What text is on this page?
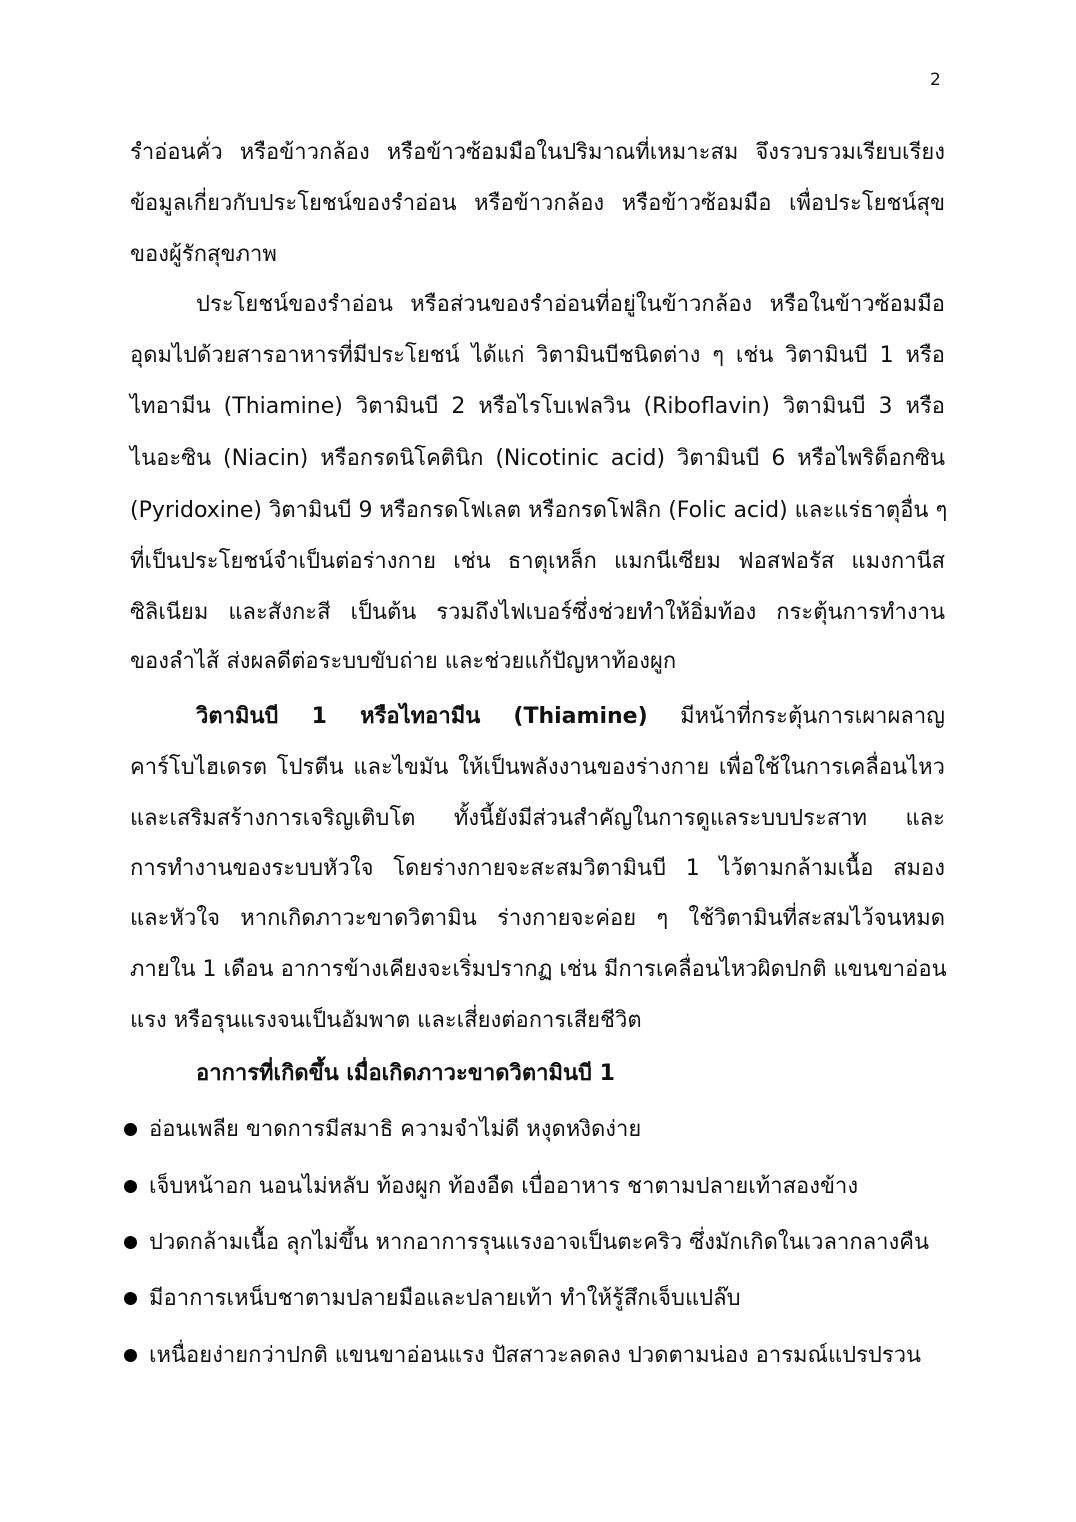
2
รำอ่อนคั่ว หรือข้าวกล้อง หรือข้าวซ้อมมือในปริมาณที่เหมาะสม จึงรวบรวมเรียบเรียง
ข้อมูลเกี่ยวกับประโยชน์ของรำอ่อน หรือข้าวกล้อง หรือข้าวซ้อมมือ เพื่อประโยชน์สุข
ของผู้รักสุขภาพ
ประโยชน์ของรำอ่อน หรือส่วนของรำอ่อนที่อยู่ในข้าวกล้อง หรือในข้าวซ้อมมือ
อุดมไปด้วยสารอาหารที่มีประโยชน์ ได้แก่ วิตามินบีชนิดต่าง ๆ เช่น วิตามินบี 1 หรือ
ไทอามีน (Thiamine) วิตามินบี 2 หรือไรโบเฟลวิน (Riboflavin) วิตามินบี 3 หรือ
ไนอะซิน (Niacin) หรือกรดนิโคตินิก (Nicotinic acid) วิตามินบี 6 หรือไพริด็อกซิน
(Pyridoxine) วิตามินบี 9 หรือกรดโฟเลต หรือกรดโฟลิก (Folic acid) และแร่ธาตุอื่น ๆ
ที่เป็นประโยชน์จำเป็นต่อร่างกาย เช่น ธาตุเหล็ก แมกนีเซียม ฟอสฟอรัส แมงกานีส
ซิลิเนียม และสังกะสี เป็นต้น รวมถึงไฟเบอร์ซึ่งช่วยทำให้อิ่มท้อง กระตุ้นการทำงาน
ของลำไส้ ส่งผลดีต่อระบบขับถ่าย และช่วยแก้ปัญหาท้องผูก
วิตามินบี 1 หรือไทอามีน (Thiamine) มีหน้าที่กระตุ้นการเผาผลาญ
คาร์โบไฮเดรต โปรตีน และไขมัน ให้เป็นพลังงานของร่างกาย เพื่อใช้ในการเคลื่อนไหว
และเสริมสร้างการเจริญเติบโต ทั้งนี้ยังมีส่วนสำคัญในการดูแลระบบประสาท และ
การทำงานของระบบหัวใจ โดยร่างกายจะสะสมวิตามินบี 1 ไว้ตามกล้ามเนื้อ สมอง
และหัวใจ หากเกิดภาวะขาดวิตามิน ร่างกายจะค่อย ๆ ใช้วิตามินที่สะสมไว้จนหมด
ภายใน 1 เดือน อาการข้างเคียงจะเริ่มปรากฏ เช่น มีการเคลื่อนไหวผิดปกติ แขนขาอ่อน
แรง หรือรุนแรงจนเป็นอัมพาต และเสี่ยงต่อการเสียชีวิต
อาการที่เกิดขึ้น เมื่อเกิดภาวะขาดวิตามินบี 1
อ่อนเพลีย ขาดการมีสมาธิ ความจำไม่ดี หงุดหงิดง่าย
เจ็บหน้าอก นอนไม่หลับ ท้องผูก ท้องอืด เบื่ออาหาร ชาตามปลายเท้าสองข้าง
ปวดกล้ามเนื้อ ลุกไม่ขึ้น หากอาการรุนแรงอาจเป็นตะคริว ซึ่งมักเกิดในเวลากลางคืน
มีอาการเหน็บชาตามปลายมือและปลายเท้า ทำให้รู้สึกเจ็บแปล๊บ
เหนื่อยง่ายกว่าปกติ แขนขาอ่อนแรง ปัสสาวะลดลง ปวดตามน่อง อารมณ์แปรปรวน
